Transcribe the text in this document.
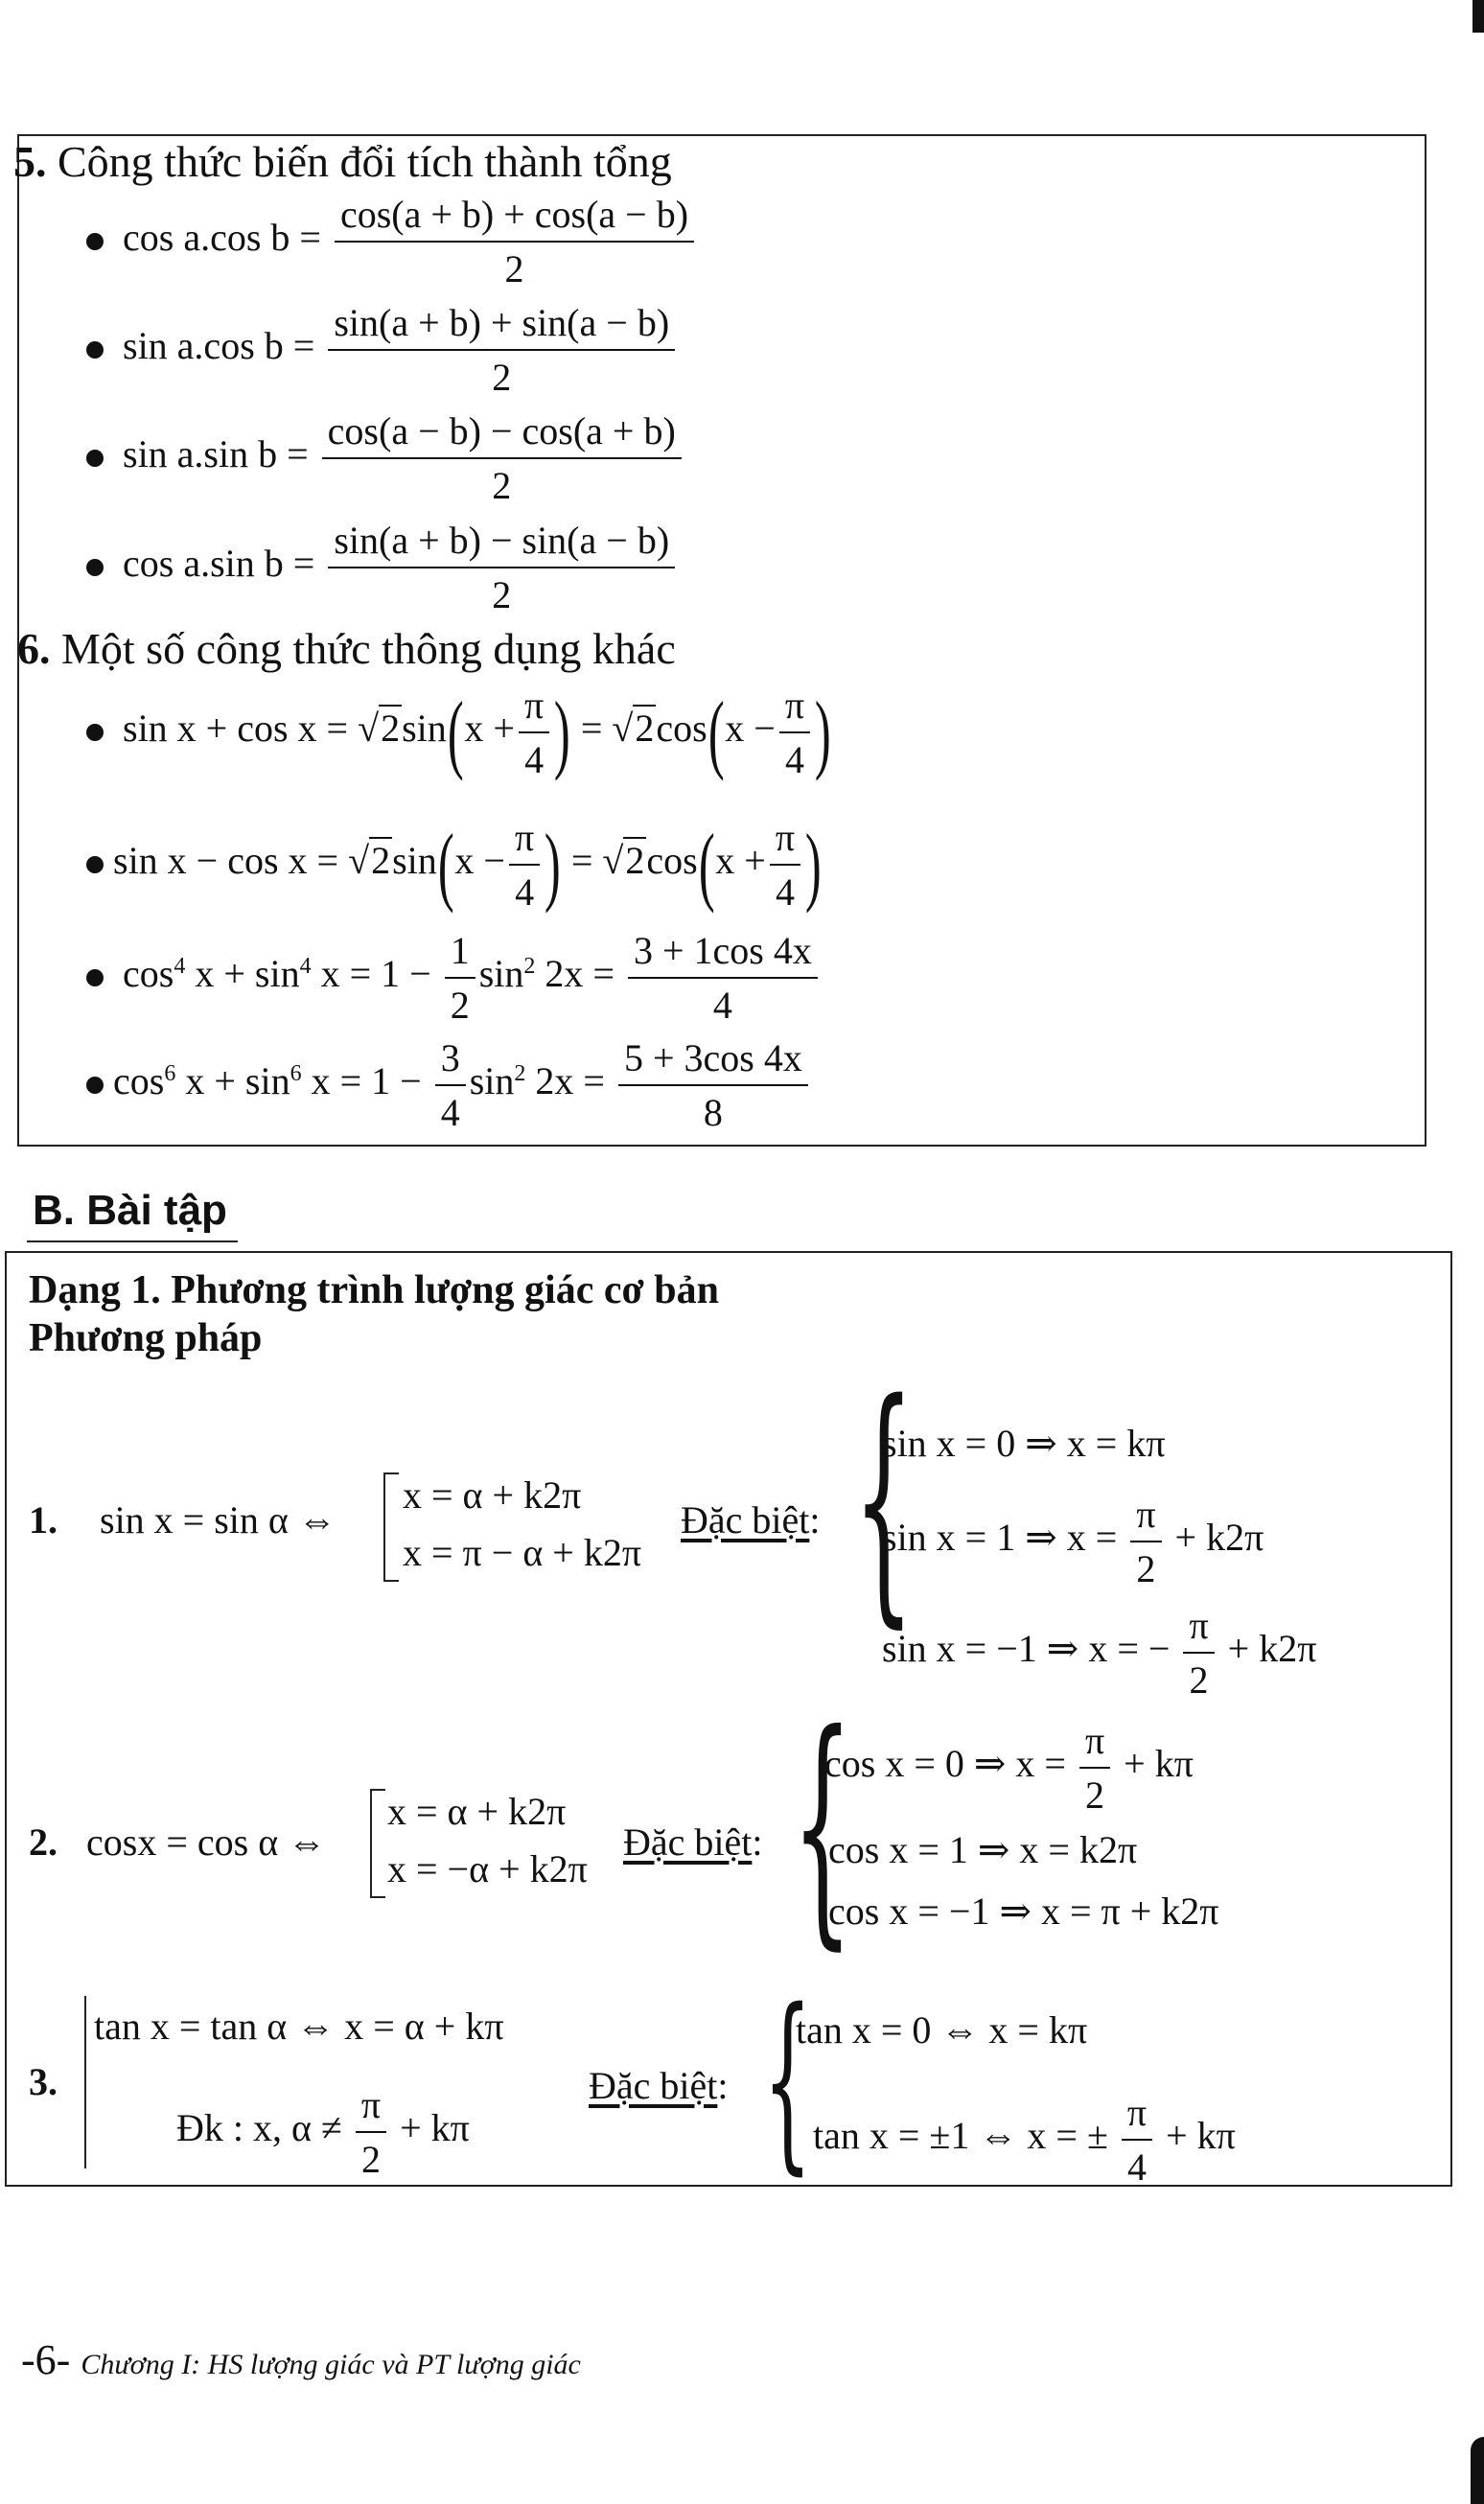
5. Công thức biến đổi tích thành tổng
cos a.cos $b = \frac{\cos(a + b) + \cos(a - b)}{2}$
sin a.cos $b = \frac{\sin(a + b) + \sin(a - b)}{2}$
sin a.sin $b = \frac{\cos(a - b) - \cos(a + b)}{2}$
cos a.sin $b = \frac{\sin(a + b) - \sin(a - b)}{2}$
6. Một số công thức thông dụng khác
$\sin x + \cos x = √2\sin(x + \frac{\pi}{4}$ ) = $√2\cos(x - \frac{\pi}{4}$ )
$\sin x - \cos x = √2\sin(x - \frac{\pi}{4}$ ) = $√2\cos(x + \frac{\pi}{4}$ )
$\cos^4 x + \sin^4 x = 1 - \frac{1}{2} \sin^2 2x = \frac{3 + 1\cos 4x}{4}$
$\cos^6 x + \sin^6 x = 1 - \frac{3}{4} \sin^2 2x = \frac{5 + 3\cos 4x}{8}$
B. Bài tập
Dạng 1. Phương trình lượng giác cơ bản
Phương pháp
1. sin x = sin α ⇔
x = α + k2π
x = π − α + k2π
Đặc biệt: {
sin x = 0 ⇒ x = kπ
sin x = 1 ⇒ $x = \frac{\pi}{2} + k2\pi$
sin x = −1 ⇒ x = − $\frac{\pi}{2} + k2\pi$
2. cosx = cos α ⇔
x = α + k2π
x = −α + k2π
Đặc biệt: {
cos x = 0 ⇒ $x = \frac{\pi}{2} + k\pi$
cos x = 1 ⇒ x = k2π
cos x = −1 ⇒ x = π + k2π
3.
tan x = tan α ⇔ x = α + kπ
Đk : x, $\alpha \ne \frac{\pi}{2} + k\pi$
Đặc biệt: {
tan x = 0 ⇔ x = kπ
tan x = ±1 ⇔ x = ± $\frac{\pi}{4} + k\pi$
-6- Chương I: HS lượng giác và PT lượng giác
